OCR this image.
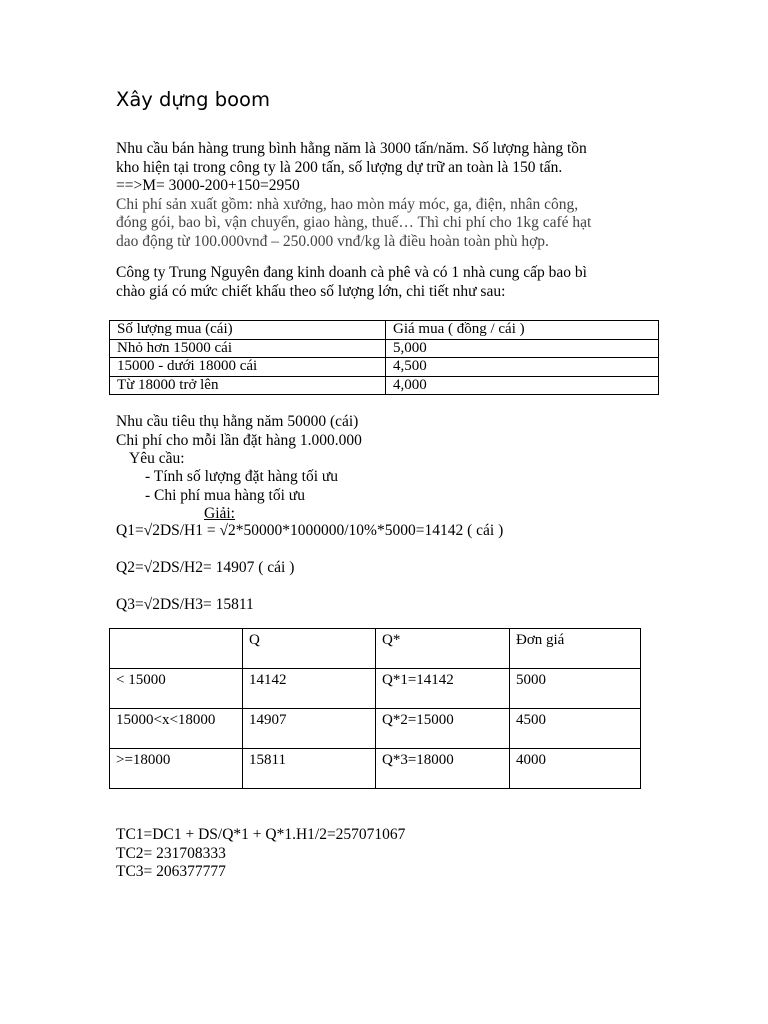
Xây dựng boom
Nhu cầu bán hàng trung bình hằng năm là 3000 tấn/năm. Số lượng hàng tồn
kho hiện tại trong công ty là 200 tấn, số lượng dự trữ an toàn là 150 tấn.
==>M= 3000-200+150=2950
Chi phí sản xuất gồm: nhà xưởng, hao mòn máy móc, ga, điện, nhân công,
đóng gói, bao bì, vận chuyển, giao hàng, thuế… Thì chi phí cho 1kg café hạt
dao động từ 100.000vnđ – 250.000 vnđ/kg là điều hoàn toàn phù hợp.
Công ty Trung Nguyên đang kinh doanh cà phê và có 1 nhà cung cấp bao bì
chào giá có mức chiết khấu theo số lượng lớn, chi tiết như sau:
Số lượng mua (cái)	Giá mua ( đồng / cái )
Nhỏ hơn 15000 cái	5,000
15000 - dưới 18000 cái	4,500
Từ 18000 trở lên	4,000
Nhu cầu tiêu thụ hằng năm 50000 (cái)
Chi phí cho mỗi lần đặt hàng 1.000.000
Yêu cầu:
- Tính số lượng đặt hàng tối ưu
- Chi phí mua hàng tối ưu
Giải:
Q1=√2DS/H1 = √2*50000*1000000/10%*5000=14142 ( cái )
Q2=√2DS/H2= 14907 ( cái )
Q3=√2DS/H3= 15811

	Q	Q*	Đơn giá

< 15000	14142	Q*1=14142	5000

15000<x<18000	14907	Q*2=15000	4500

>=18000	15811	Q*3=18000	4000
TC1=DC1 + DS/Q*1 + Q*1.H1/2=257071067
TC2= 231708333
TC3= 206377777
